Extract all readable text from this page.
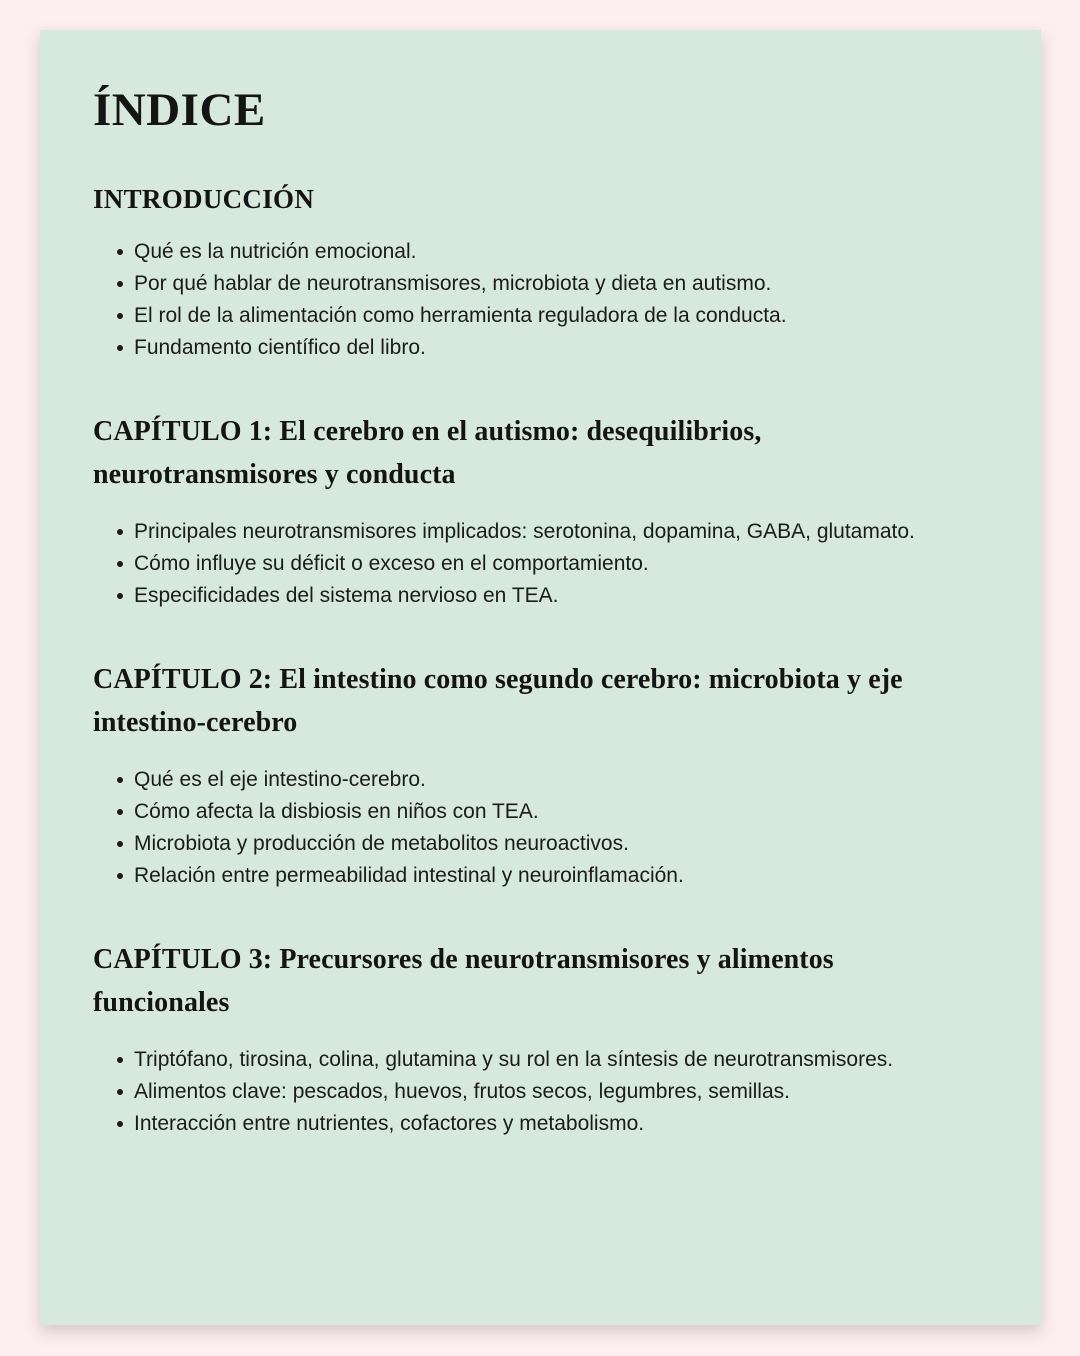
ÍNDICE
INTRODUCCIÓN
Qué es la nutrición emocional.
Por qué hablar de neurotransmisores, microbiota y dieta en autismo.
El rol de la alimentación como herramienta reguladora de la conducta.
Fundamento científico del libro.
CAPÍTULO 1: El cerebro en el autismo: desequilibrios, neurotransmisores y conducta
Principales neurotransmisores implicados: serotonina, dopamina, GABA, glutamato.
Cómo influye su déficit o exceso en el comportamiento.
Especificidades del sistema nervioso en TEA.
CAPÍTULO 2: El intestino como segundo cerebro: microbiota y eje intestino-cerebro
Qué es el eje intestino-cerebro.
Cómo afecta la disbiosis en niños con TEA.
Microbiota y producción de metabolitos neuroactivos.
Relación entre permeabilidad intestinal y neuroinflamación.
CAPÍTULO 3: Precursores de neurotransmisores y alimentos funcionales
Triptófano, tirosina, colina, glutamina y su rol en la síntesis de neurotransmisores.
Alimentos clave: pescados, huevos, frutos secos, legumbres, semillas.
Interacción entre nutrientes, cofactores y metabolismo.
